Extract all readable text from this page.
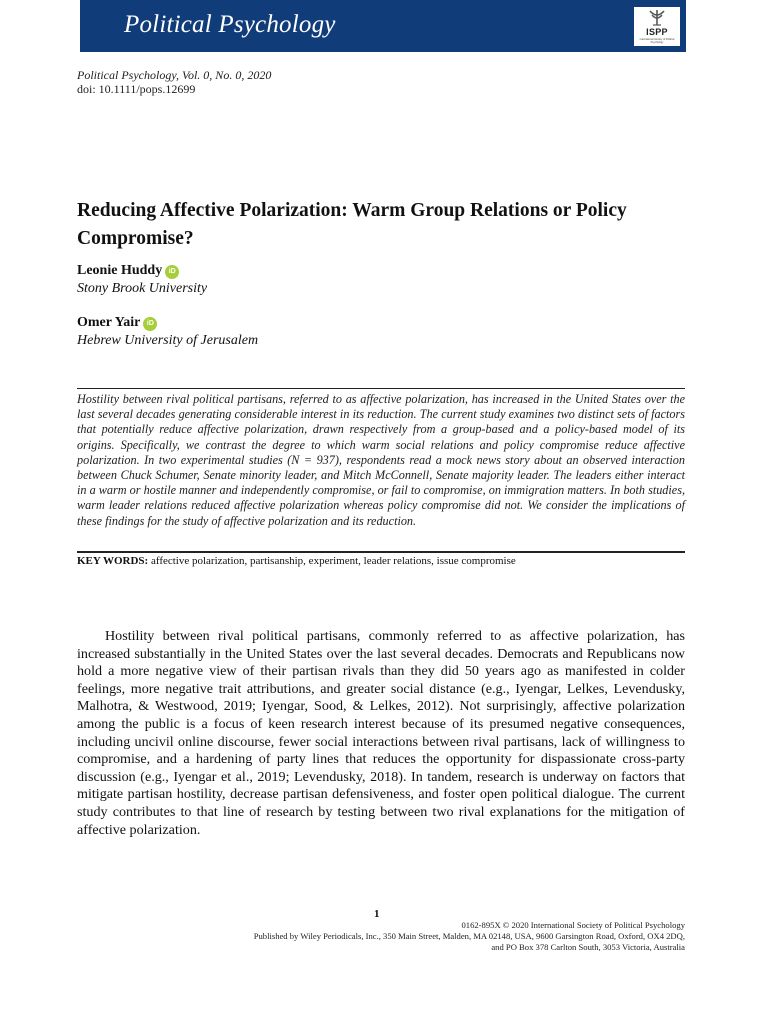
Political Psychology	ISPP
International Society of Political Psychology
Political Psychology, Vol. 0, No. 0, 2020
doi: 10.1111/pops.12699
Reducing Affective Polarization: Warm Group Relations or Policy Compromise?
Leonie Huddy iD
Stony Brook University
Omer Yair iD
Hebrew University of Jerusalem
Hostility between rival political partisans, referred to as affective polarization, has increased in the United States over the last several decades generating considerable interest in its reduction. The current study examines two distinct sets of factors that potentially reduce affective polarization, drawn respectively from a group-based and a policy-based model of its origins. Specifically, we contrast the degree to which warm social relations and policy compromise reduce affective polarization. In two experimental studies (N = 937), respondents read a mock news story about an observed interaction between Chuck Schumer, Senate minority leader, and Mitch McConnell, Senate majority leader. The leaders either interact in a warm or hostile manner and independently compromise, or fail to compromise, on immigration matters. In both studies, warm leader relations reduced affective polarization whereas policy compromise did not. We consider the implications of these findings for the study of affective polarization and its reduction.
KEY WORDS: affective polarization, partisanship, experiment, leader relations, issue compromise
Hostility between rival political partisans, commonly referred to as affective polarization, has increased substantially in the United States over the last several decades. Democrats and Republicans now hold a more negative view of their partisan rivals than they did 50 years ago as manifested in colder feelings, more negative trait attributions, and greater social distance (e.g., Iyengar, Lelkes, Levendusky, Malhotra, & Westwood, 2019; Iyengar, Sood, & Lelkes, 2012). Not surprisingly, affective polarization among the public is a focus of keen research interest because of its presumed negative consequences, including uncivil online discourse, fewer social interactions between rival partisans, lack of willingness to compromise, and a hardening of party lines that reduces the opportunity for dispassionate cross-party discussion (e.g., Iyengar et al., 2019; Levendusky, 2018). In tandem, research is underway on factors that mitigate partisan hostility, decrease partisan defensiveness, and foster open political dialogue. The current study contributes to that line of research by testing between two rival explanations for the mitigation of affective polarization.
1
0162-895X © 2020 International Society of Political Psychology
Published by Wiley Periodicals, Inc., 350 Main Street, Malden, MA 02148, USA, 9600 Garsington Road, Oxford, OX4 2DQ,
and PO Box 378 Carlton South, 3053 Victoria, Australia
